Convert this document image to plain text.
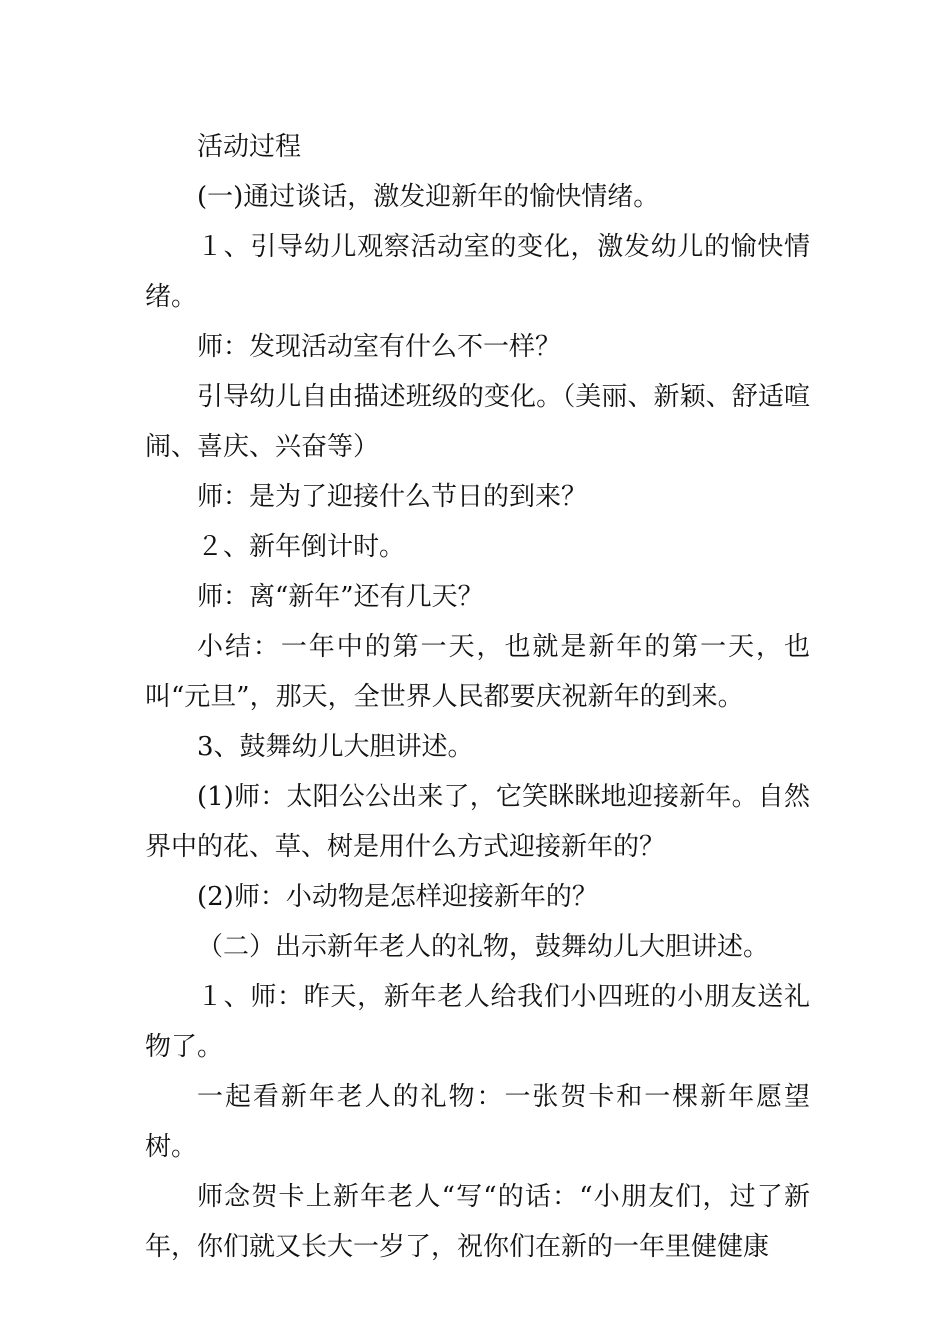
活动过程

(一)通过谈话，激发迎新年的愉快情绪。

１、引导幼儿观察活动室的变化，激发幼儿的愉快情绪。

师：发现活动室有什么不一样？

引导幼儿自由描述班级的变化。（美丽、新颖、舒适喧闹、喜庆、兴奋等）

师：是为了迎接什么节日的到来？

２、新年倒计时。

师：离“新年”还有几天？

小结：一年中的第一天，也就是新年的第一天，也叫“元旦”，那天，全世界人民都要庆祝新年的到来。

3、鼓舞幼儿大胆讲述。

(1)师：太阳公公出来了，它笑眯眯地迎接新年。自然界中的花、草、树是用什么方式迎接新年的？

(2)师：小动物是怎样迎接新年的？

（二）出示新年老人的礼物，鼓舞幼儿大胆讲述。

１、师：昨天，新年老人给我们小四班的小朋友送礼物了。

一起看新年老人的礼物：一张贺卡和一棵新年愿望树。

师念贺卡上新年老人“写“的话：“小朋友们，过了新年，你们就又长大一岁了，祝你们在新的一年里健健康
